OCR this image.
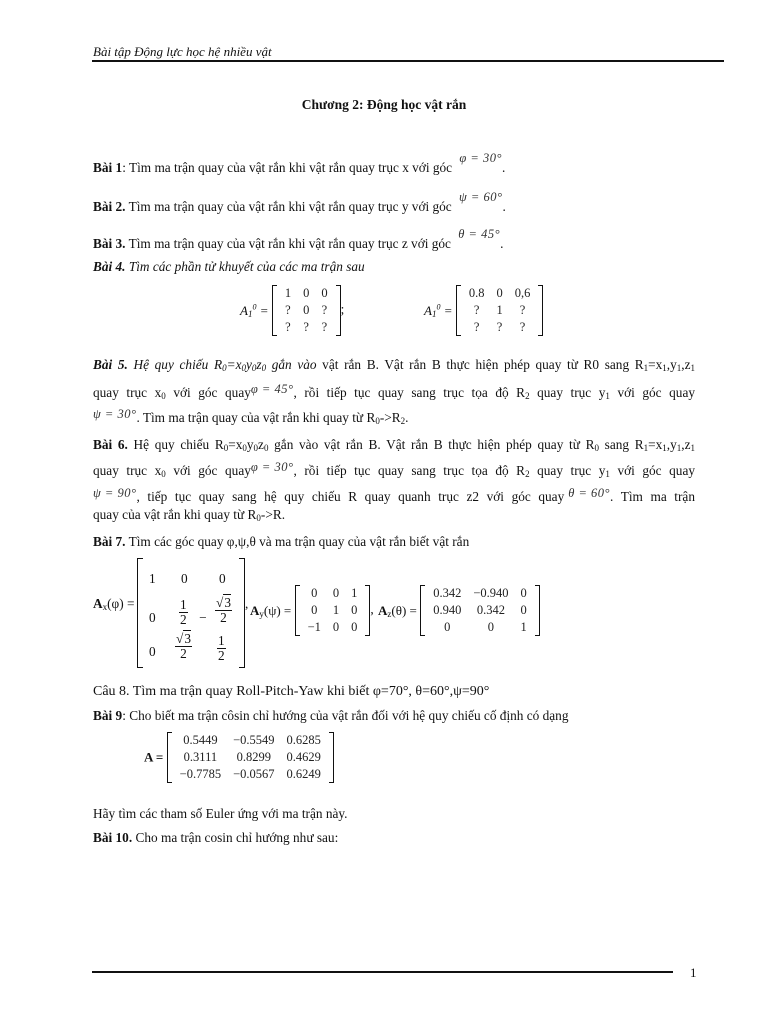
Bài tập Động lực học hệ nhiều vật
Chương 2: Động học vật rắn
Bài 1: Tìm ma trận quay của vật rắn khi vật rắn quay trục x với góc φ = 30°.
Bài 2. Tìm ma trận quay của vật rắn khi vật rắn quay trục y với góc ψ = 60°.
Bài 3. Tìm ma trận quay của vật rắn khi vật rắn quay trục z với góc θ = 45°.
Bài 4. Tìm các phần tử khuyết của các ma trận sau
$A_1^0$ =
1	0	0
?	0	?
?	?	?
;	$A_1^0$ =
0.8	0	0,6
?	1	?
?	?	?
Bài 5. Hệ quy chiếu $R_0=x_0y_0z_0$ gắn vào vật rắn B. Vật rắn B thực hiện phép quay từ R0 sang $R_1=x_1,y_1,z_1$
quay trục $x_0$ với góc quayφ = 45°, rồi tiếp tục quay sang trục tọa độ $R_2$ quay trục $y_1$ với góc quay
ψ = 30°. Tìm ma trận quay của vật rắn khi quay từ $R_0->R_2$.
Bài 6. Hệ quy chiếu $R_0=x_0y_0z_0$ gắn vào vật rắn B. Vật rắn B thực hiện phép quay từ $R_0$ sang $R_1=x_1,y_1,z_1$
quay trục $x_0$ với góc quayφ = 30°, rồi tiếp tục quay sang trục tọa độ $R_2$ quay trục $y_1$ với góc quay
ψ = 90°, tiếp tục quay sang hệ quy chiếu R quay quanh trục z2 với góc quay θ = 60°. Tìm ma trận
quay của vật rắn khi quay từ $R_0->R$.
Bài 7. Tìm các góc quay φ,ψ,θ và ma trận quay của vật rắn biết vật rắn
$A_x(\varphi)$ =
1 0 0
$0 \frac{1}{2} - \frac{√3}{2}$
$0 \frac{√3}{2} \frac{1}{2}$
, $A_y(\psi)$ =
0	0	1
0	1	0
−1	0	0
, $A_z(\theta)$ =
0.342	−0.940	0
0.940	0.342	0
0	0	1
Câu 8. Tìm ma trận quay Roll-Pitch-Yaw khi biết φ=70°, θ=60°,ψ=90°
Bài 9: Cho biết ma trận côsin chỉ hướng của vật rắn đối với hệ quy chiếu cố định có dạng
A =
0.5449	−0.5549	0.6285
0.3111	0.8299	0.4629
−0.7785	−0.0567	0.6249
Hãy tìm các tham số Euler ứng với ma trận này.
Bài 10. Cho ma trận cosin chỉ hướng như sau:
1
